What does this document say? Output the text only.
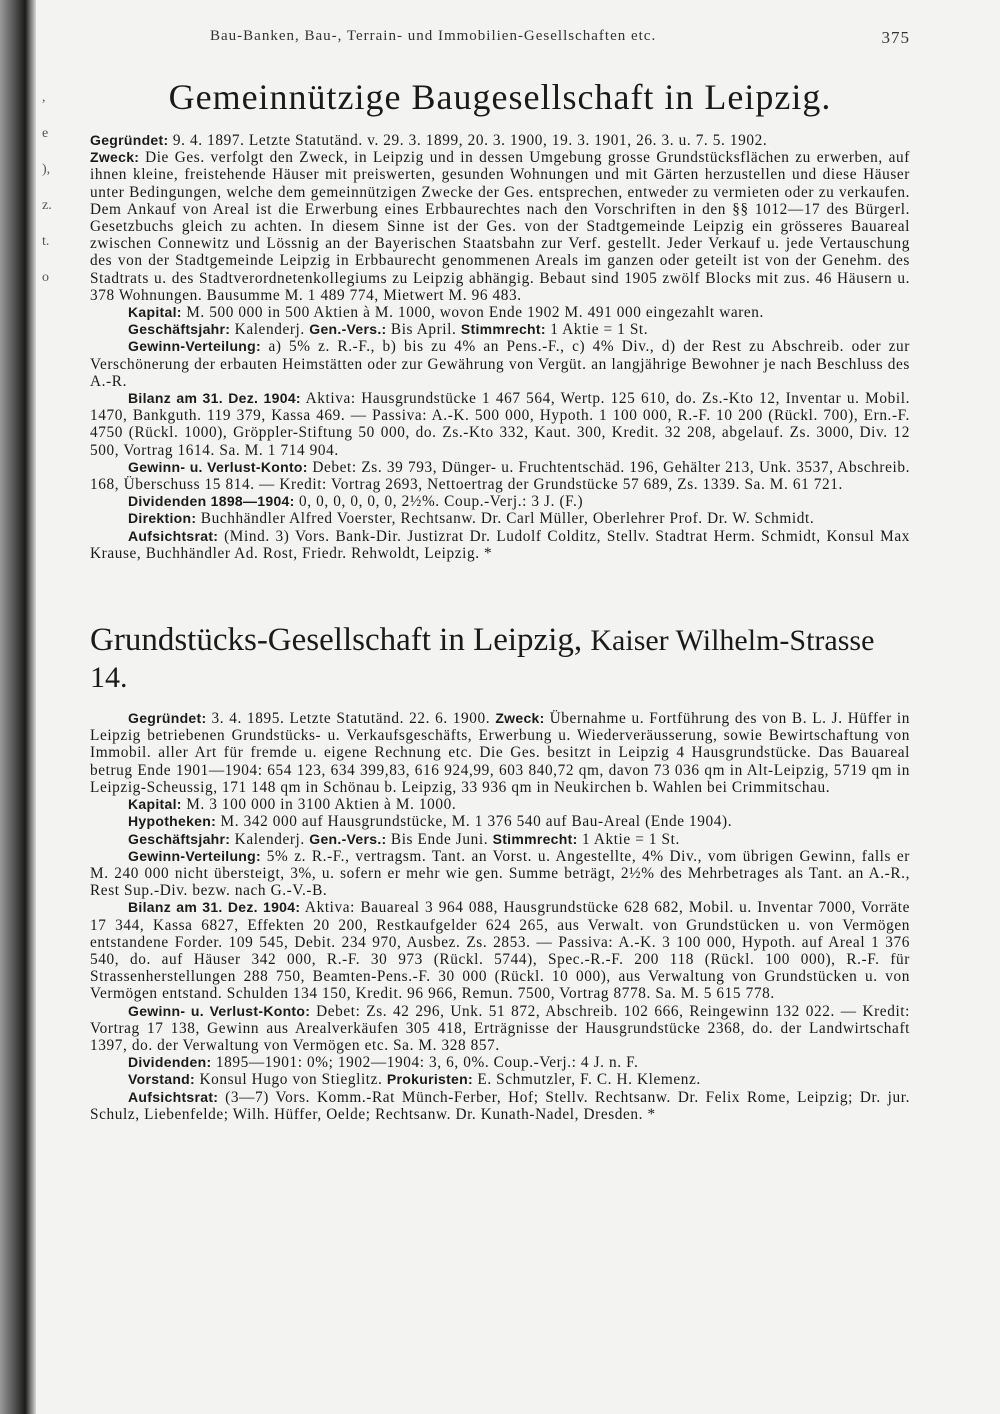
,
e
),
z.
t.
o
Bau-Banken, Bau-, Terrain- und Immobilien-Gesellschaften etc.	375
Gemeinnützige Baugesellschaft in Leipzig.

Gegründet: 9. 4. 1897. Letzte Statutänd. v. 29. 3. 1899, 20. 3. 1900, 19. 3. 1901, 26. 3. u. 7. 5. 1902.

Zweck: Die Ges. verfolgt den Zweck, in Leipzig und in dessen Umgebung grosse Grundstücksflächen zu erwerben, auf ihnen kleine, freistehende Häuser mit preiswerten, gesunden Wohnungen und mit Gärten herzustellen und diese Häuser unter Bedingungen, welche dem gemeinnützigen Zwecke der Ges. entsprechen, entweder zu vermieten oder zu verkaufen. Dem Ankauf von Areal ist die Erwerbung eines Erbbaurechtes nach den Vorschriften in den §§ 1012—17 des Bürgerl. Gesetzbuchs gleich zu achten. In diesem Sinne ist der Ges. von der Stadtgemeinde Leipzig ein grösseres Bauareal zwischen Connewitz und Lössnig an der Bayerischen Staatsbahn zur Verf. gestellt. Jeder Verkauf u. jede Vertauschung des von der Stadtgemeinde Leipzig in Erbbaurecht genommenen Areals im ganzen oder geteilt ist von der Genehm. des Stadtrats u. des Stadtverordnetenkollegiums zu Leipzig abhängig. Bebaut sind 1905 zwölf Blocks mit zus. 46 Häusern u. 378 Wohnungen. Bausumme M. 1 489 774, Mietwert M. 96 483.

Kapital: M. 500 000 in 500 Aktien à M. 1000, wovon Ende 1902 M. 491 000 eingezahlt waren.

Geschäftsjahr: Kalenderj. Gen.-Vers.: Bis April. Stimmrecht: 1 Aktie = 1 St.

Gewinn-Verteilung: a) 5% z. R.-F., b) bis zu 4% an Pens.-F., c) 4% Div., d) der Rest zu Abschreib. oder zur Verschönerung der erbauten Heimstätten oder zur Gewährung von Vergüt. an langjährige Bewohner je nach Beschluss des A.-R.

Bilanz am 31. Dez. 1904: Aktiva: Hausgrundstücke 1 467 564, Wertp. 125 610, do. Zs.-Kto 12, Inventar u. Mobil. 1470, Bankguth. 119 379, Kassa 469. — Passiva: A.-K. 500 000, Hypoth. 1 100 000, R.-F. 10 200 (Rückl. 700), Ern.-F. 4750 (Rückl. 1000), Gröppler-Stiftung 50 000, do. Zs.-Kto 332, Kaut. 300, Kredit. 32 208, abgelauf. Zs. 3000, Div. 12 500, Vortrag 1614. Sa. M. 1 714 904.

Gewinn- u. Verlust-Konto: Debet: Zs. 39 793, Dünger- u. Fruchtentschäd. 196, Gehälter 213, Unk. 3537, Abschreib. 168, Überschuss 15 814. — Kredit: Vortrag 2693, Nettoertrag der Grundstücke 57 689, Zs. 1339. Sa. M. 61 721.

Dividenden 1898—1904: 0, 0, 0, 0, 0, 0, 2½%. Coup.-Verj.: 3 J. (F.)

Direktion: Buchhändler Alfred Voerster, Rechtsanw. Dr. Carl Müller, Oberlehrer Prof. Dr. W. Schmidt.

Aufsichtsrat: (Mind. 3) Vors. Bank-Dir. Justizrat Dr. Ludolf Colditz, Stellv. Stadtrat Herm. Schmidt, Konsul Max Krause, Buchhändler Ad. Rost, Friedr. Rehwoldt, Leipzig. *

Grundstücks-Gesellschaft in Leipzig, Kaiser Wilhelm-Strasse 14.

Gegründet: 3. 4. 1895. Letzte Statutänd. 22. 6. 1900. Zweck: Übernahme u. Fortführung des von B. L. J. Hüffer in Leipzig betriebenen Grundstücks- u. Verkaufsgeschäfts, Erwerbung u. Wiederveräusserung, sowie Bewirtschaftung von Immobil. aller Art für fremde u. eigene Rechnung etc. Die Ges. besitzt in Leipzig 4 Hausgrundstücke. Das Bauareal betrug Ende 1901—1904: 654 123, 634 399,83, 616 924,99, 603 840,72 qm, davon 73 036 qm in Alt-Leipzig, 5719 qm in Leipzig-Scheussig, 171 148 qm in Schönau b. Leipzig, 33 936 qm in Neukirchen b. Wahlen bei Crimmitschau.

Kapital: M. 3 100 000 in 3100 Aktien à M. 1000.

Hypotheken: M. 342 000 auf Hausgrundstücke, M. 1 376 540 auf Bau-Areal (Ende 1904).

Geschäftsjahr: Kalenderj. Gen.-Vers.: Bis Ende Juni. Stimmrecht: 1 Aktie = 1 St.

Gewinn-Verteilung: 5% z. R.-F., vertragsm. Tant. an Vorst. u. Angestellte, 4% Div., vom übrigen Gewinn, falls er M. 240 000 nicht übersteigt, 3%, u. sofern er mehr wie gen. Summe beträgt, 2½% des Mehrbetrages als Tant. an A.-R., Rest Sup.-Div. bezw. nach G.-V.-B.

Bilanz am 31. Dez. 1904: Aktiva: Bauareal 3 964 088, Hausgrundstücke 628 682, Mobil. u. Inventar 7000, Vorräte 17 344, Kassa 6827, Effekten 20 200, Restkaufgelder 624 265, aus Verwalt. von Grundstücken u. von Vermögen entstandene Forder. 109 545, Debit. 234 970, Ausbez. Zs. 2853. — Passiva: A.-K. 3 100 000, Hypoth. auf Areal 1 376 540, do. auf Häuser 342 000, R.-F. 30 973 (Rückl. 5744), Spec.-R.-F. 200 118 (Rückl. 100 000), R.-F. für Strassenherstellungen 288 750, Beamten-Pens.-F. 30 000 (Rückl. 10 000), aus Verwaltung von Grundstücken u. von Vermögen entstand. Schulden 134 150, Kredit. 96 966, Remun. 7500, Vortrag 8778. Sa. M. 5 615 778.

Gewinn- u. Verlust-Konto: Debet: Zs. 42 296, Unk. 51 872, Abschreib. 102 666, Reingewinn 132 022. — Kredit: Vortrag 17 138, Gewinn aus Arealverkäufen 305 418, Erträgnisse der Hausgrundstücke 2368, do. der Landwirtschaft 1397, do. der Verwaltung von Vermögen etc. Sa. M. 328 857.

Dividenden: 1895—1901: 0%; 1902—1904: 3, 6, 0%. Coup.-Verj.: 4 J. n. F.

Vorstand: Konsul Hugo von Stieglitz. Prokuristen: E. Schmutzler, F. C. H. Klemenz.

Aufsichtsrat: (3—7) Vors. Komm.-Rat Münch-Ferber, Hof; Stellv. Rechtsanw. Dr. Felix Rome, Leipzig; Dr. jur. Schulz, Liebenfelde; Wilh. Hüffer, Oelde; Rechtsanw. Dr. Kunath-Nadel, Dresden. *
